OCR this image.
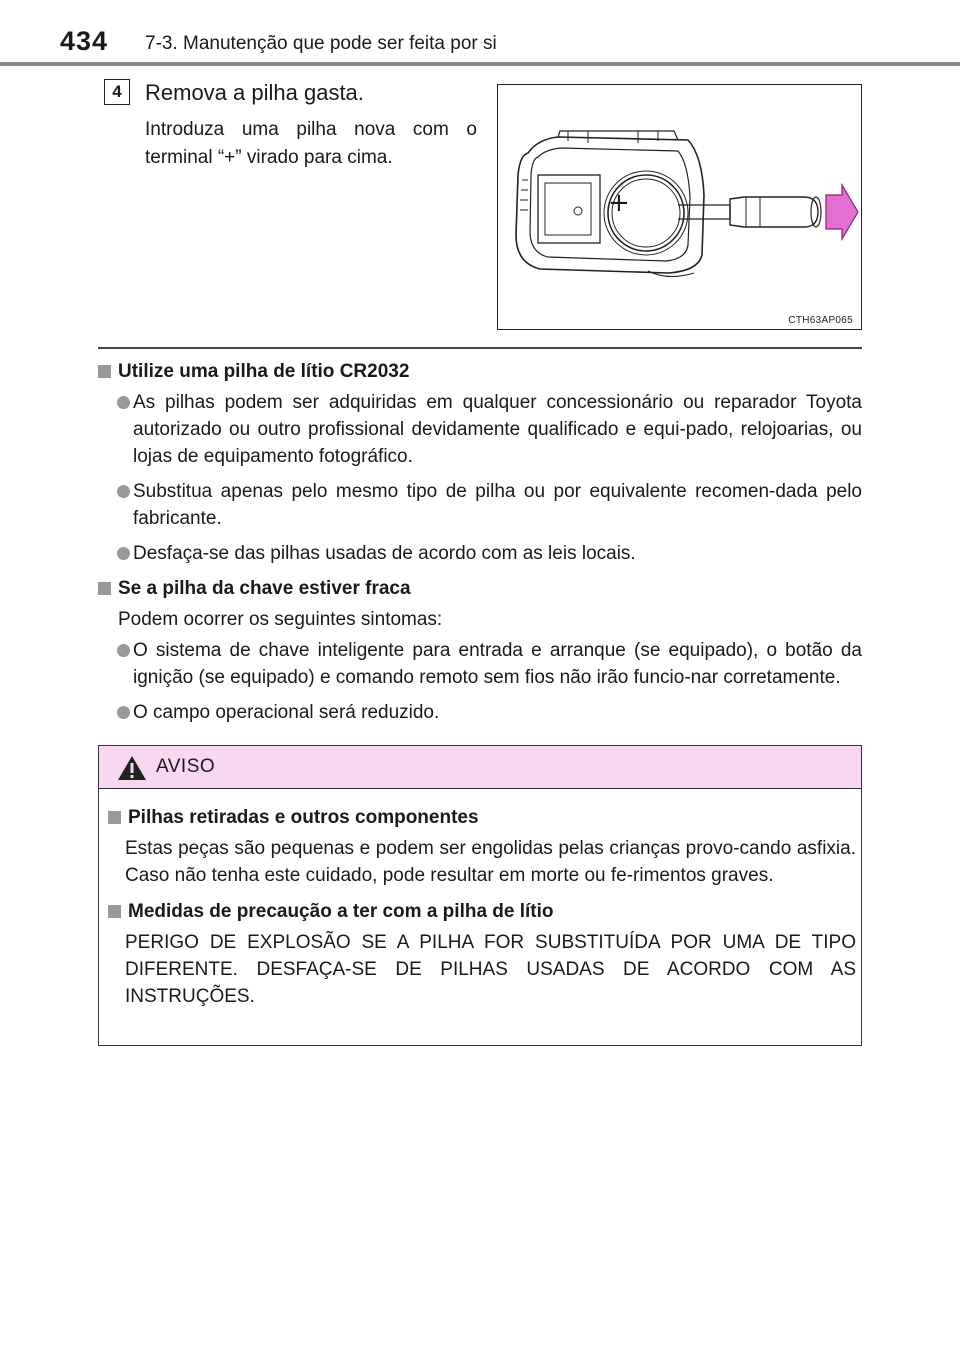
434 7-3. Manutenção que pode ser feita por si
4	Remova a pilha gasta.
Introduza uma pilha nova com o terminal “+” virado para cima.
+
CTH63AP065
Utilize uma pilha de lítio CR2032
As pilhas podem ser adquiridas em qualquer concessionário ou reparador Toyota autorizado ou outro profissional devidamente qualificado e equi-pado, relojoarias, ou lojas de equipamento fotográfico.
Substitua apenas pelo mesmo tipo de pilha ou por equivalente recomen-dada pelo fabricante.
Desfaça-se das pilhas usadas de acordo com as leis locais.
Se a pilha da chave estiver fraca
Podem ocorrer os seguintes sintomas:
O sistema de chave inteligente para entrada e arranque (se equipado), o botão da ignição (se equipado) e comando remoto sem fios não irão funcio-nar corretamente.
O campo operacional será reduzido.
AVISO
Pilhas retiradas e outros componentes
Estas peças são pequenas e podem ser engolidas pelas crianças provo-cando asfixia. Caso não tenha este cuidado, pode resultar em morte ou fe-rimentos graves.
Medidas de precaução a ter com a pilha de lítio
PERIGO DE EXPLOSÃO SE A PILHA FOR SUBSTITUÍDA POR UMA DE TIPO DIFERENTE. DESFAÇA-SE DE PILHAS USADAS DE ACORDO COM AS INSTRUÇÕES.
